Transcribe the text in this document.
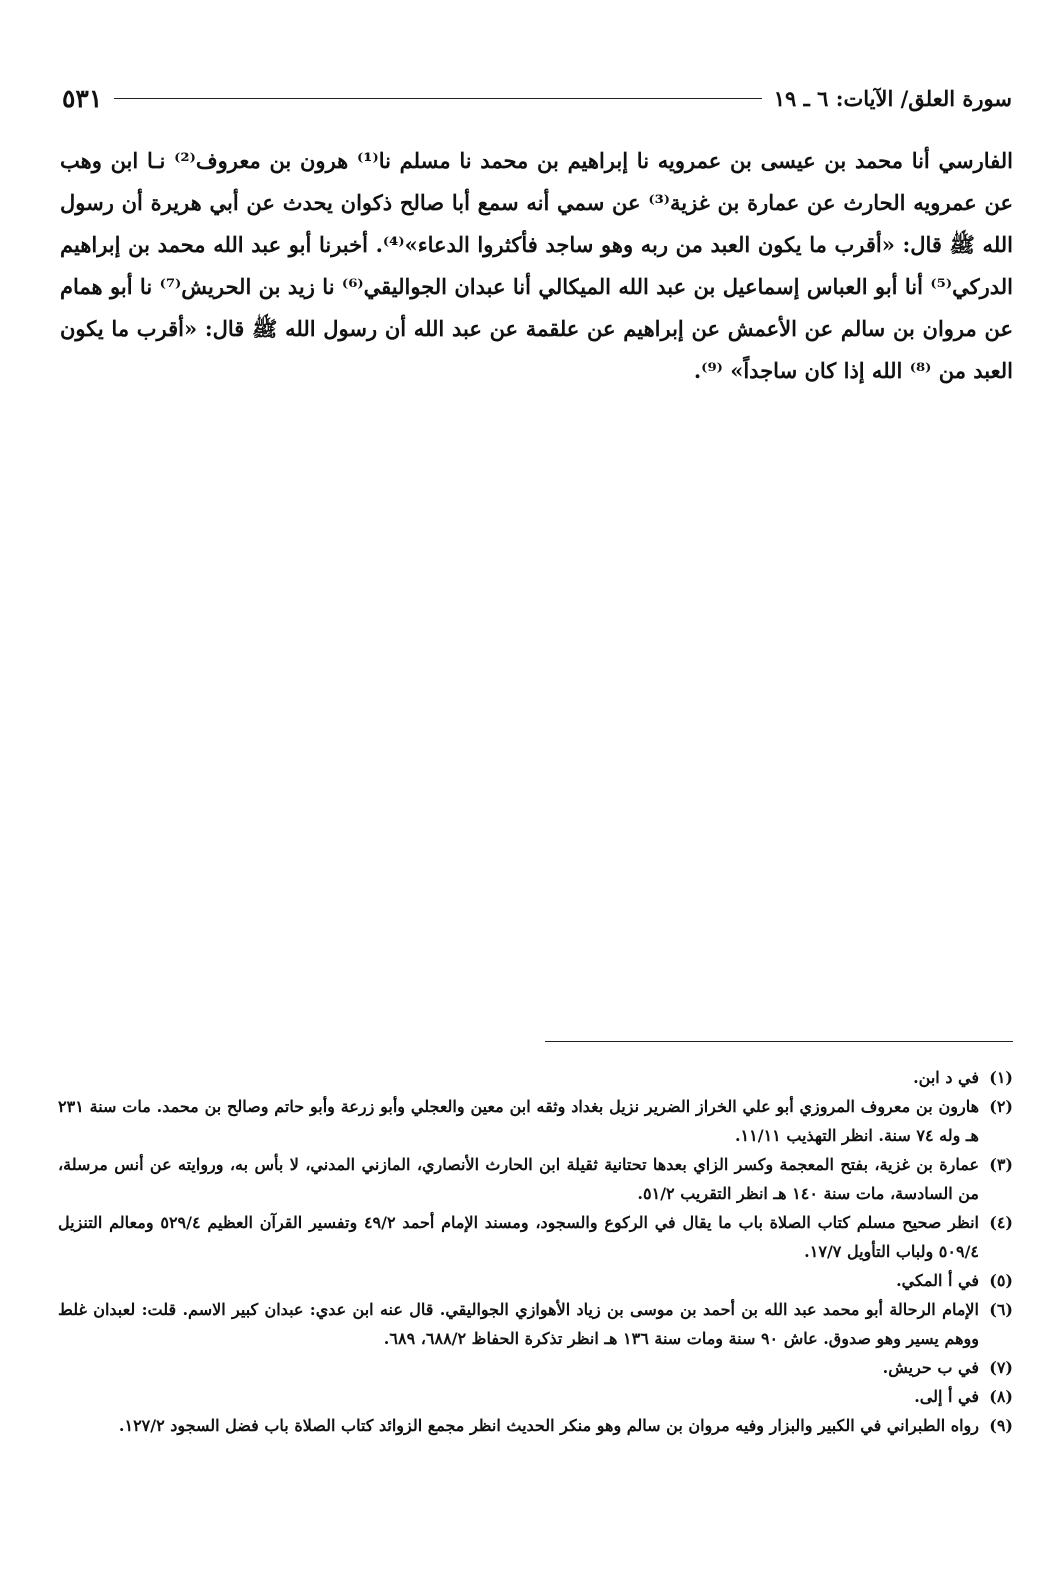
سورة العلق/ الآيات: ٦ ـ ١٩
٥٣١
الفارسي أنا محمد بن عيسى بن عمرويه نا إبراهيم بن محمد نا مسلم نا⁽¹⁾ هرون بن معروف⁽²⁾ نـا ابن وهب عن عمرويه الحارث عن عمارة بن غزية⁽³⁾ عن سمي أنه سمع أبا صالح ذكوان يحدث عن أبي هريرة أن رسول الله ﷺ قال: «أقرب ما يكون العبد من ربه وهو ساجد فأكثروا الدعاء»⁽⁴⁾. أخبرنا أبو عبد الله محمد بن إبراهيم الدركي⁽⁵⁾ أنا أبو العباس إسماعيل بن عبد الله الميكالي أنا عبدان الجواليقي⁽⁶⁾ نا زيد بن الحريش⁽⁷⁾ نا أبو همام عن مروان بن سالم عن الأعمش عن إبراهيم عن علقمة عن عبد الله أن رسول الله ﷺ قال: «أقرب ما يكون العبد من ⁽⁸⁾ الله إذا كان ساجداً» ⁽⁹⁾.
(١)
في د ابن.
(٢)
هارون بن معروف المروزي أبو علي الخراز الضرير نزيل بغداد وثقه ابن معين والعجلي وأبو زرعة وأبو حاتم وصالح بن محمد. مات سنة ٢٣١ هـ وله ٧٤ سنة. انظر التهذيب ١١/١١.
(٣)
عمارة بن غزية، بفتح المعجمة وكسر الزاي بعدها تحتانية ثقيلة ابن الحارث الأنصاري، المازني المدني، لا بأس به، وروايته عن أنس مرسلة، من السادسة، مات سنة ١٤٠ هـ انظر التقريب ٥١/٢.
(٤)
انظر صحيح مسلم كتاب الصلاة باب ما يقال في الركوع والسجود، ومسند الإمام أحمد ٤٩/٢ وتفسير القرآن العظيم ٥٢٩/٤ ومعالم التنزيل ٥٠٩/٤ ولباب التأويل ١٧/٧.
(٥)
في أ المكي.
(٦)
الإمام الرحالة أبو محمد عبد الله بن أحمد بن موسى بن زياد الأهوازي الجواليقي. قال عنه ابن عدي: عبدان كبير الاسم. قلت: لعبدان غلط ووهم يسير وهو صدوق. عاش ٩٠ سنة ومات سنة ١٣٦ هـ انظر تذكرة الحفاظ ٦٨٨/٢، ٦٨٩.
(٧)
في ب حريش.
(٨)
في أ إلى.
(٩)
رواه الطبراني في الكبير والبزار وفيه مروان بن سالم وهو منكر الحديث انظر مجمع الزوائد كتاب الصلاة باب فضل السجود ١٢٧/٢.
